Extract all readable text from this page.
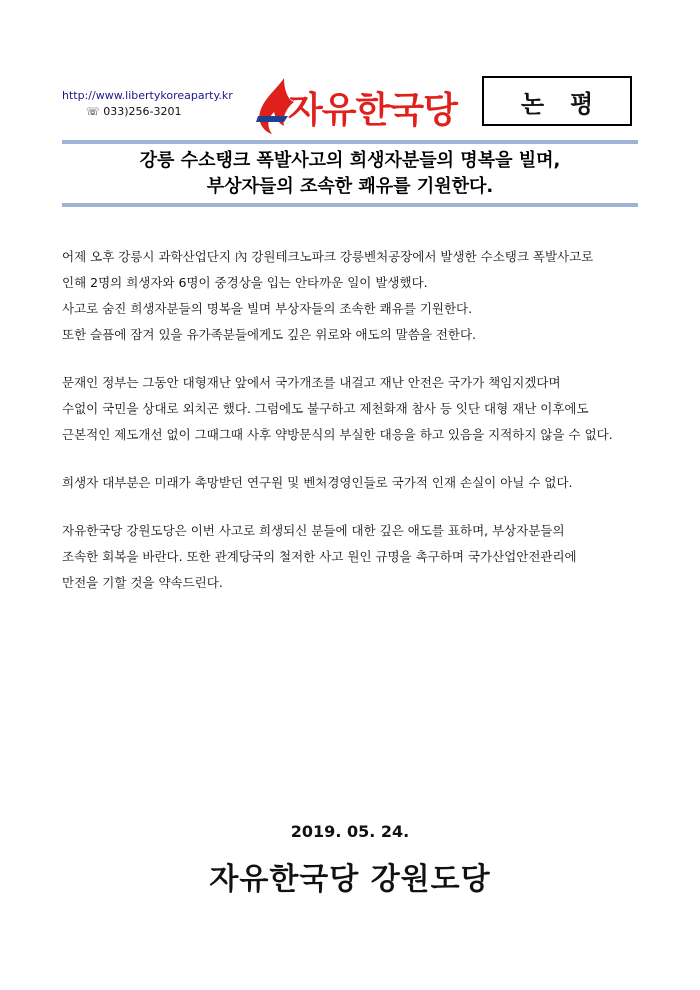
http://www.libertykoreaparty.kr
☏ 033)256-3201	자유한국당	논평
강릉 수소탱크 폭발사고의 희생자분들의 명복을 빌며,
부상자들의 조속한 쾌유를 기원한다.
어제 오후 강릉시 과학산업단지 內 강원테크노파크 강릉벤처공장에서 발생한 수소탱크 폭발사고로
인해 2명의 희생자와 6명이 중경상을 입는 안타까운 일이 발생했다.
사고로 숨진 희생자분들의 명복을 빌며 부상자들의 조속한 쾌유를 기원한다.
또한 슬픔에 잠겨 있을 유가족분들에게도 깊은 위로와 애도의 말씀을 전한다.
문재인 정부는 그동안 대형재난 앞에서 국가개조를 내걸고 재난 안전은 국가가 책임지겠다며
수없이 국민을 상대로 외치곤 했다. 그럼에도 불구하고 제천화재 참사 등 잇단 대형 재난 이후에도
근본적인 제도개선 없이 그때그때 사후 약방문식의 부실한 대응을 하고 있음을 지적하지 않을 수 없다.
희생자 대부분은 미래가 촉망받던 연구원 및 벤처경영인들로 국가적 인재 손실이 아닐 수 없다.
자유한국당 강원도당은 이번 사고로 희생되신 분들에 대한 깊은 애도를 표하며, 부상자분들의
조속한 회복을 바란다. 또한 관계당국의 철저한 사고 원인 규명을 촉구하며 국가산업안전관리에
만전을 기할 것을 약속드린다.
2019. 05. 24.
자유한국당 강원도당
